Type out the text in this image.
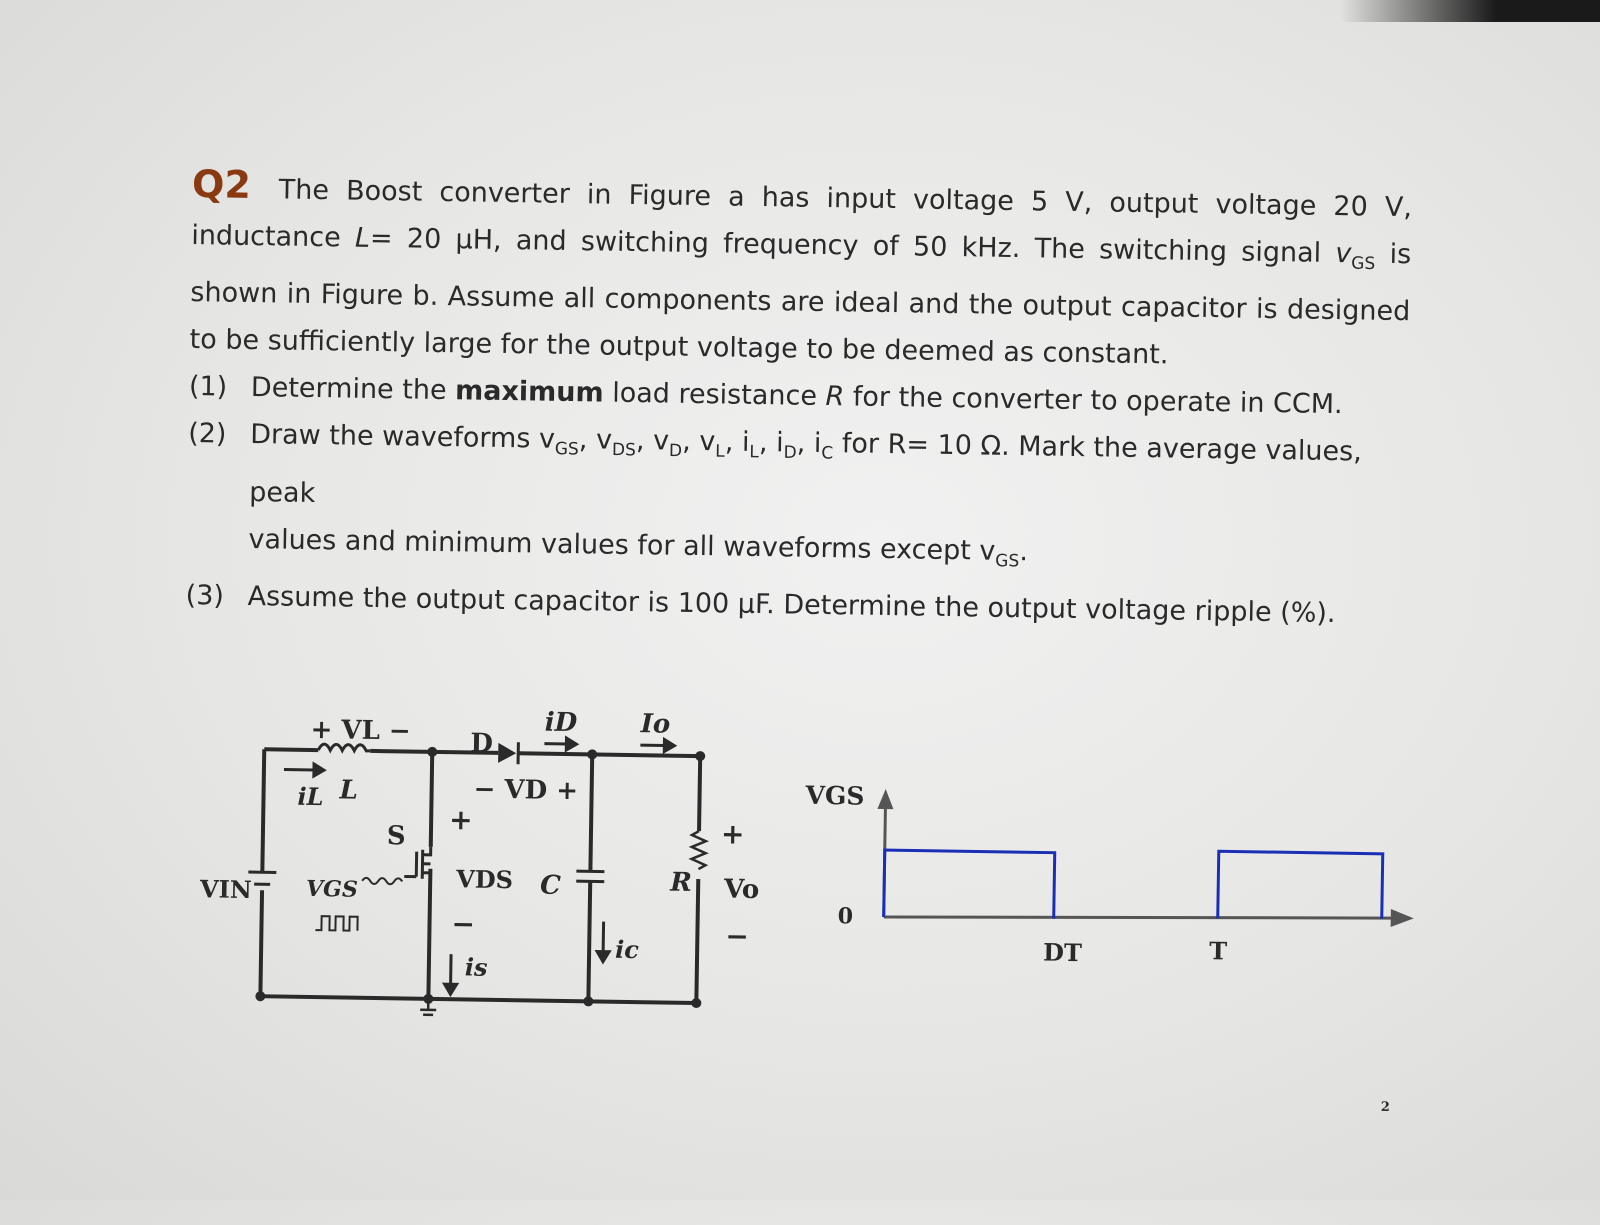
Q2 The Boost converter in Figure a has input voltage 5 V, output voltage 20 V, inductance L= 20 µH, and switching frequency of 50 kHz. The switching signal $v_{GS}$ is shown in Figure b. Assume all components are ideal and the output capacitor is designed to be sufficiently large for the output voltage to be deemed as constant.
(1) Determine the maximum load resistance R for the converter to operate in CCM.
(2) Draw the waveforms $v_{GS}$, $v_{DS}$, $v_D$, $v_L$, $i_L$, $i_D$, $i_C$ for R= 10 Ω. Mark the average values, peak
values and minimum values for all waveforms except $v_{GS}$.
(3) Assume the output capacitor is 100 µF. Determine the output voltage ripple (%).
+ VL −
iL L
D
iD Io
− VD +
S +
VDS
−
is
C
ic
R
+
Vo
−
VIN VGS
VGS
0
DT	T
2
